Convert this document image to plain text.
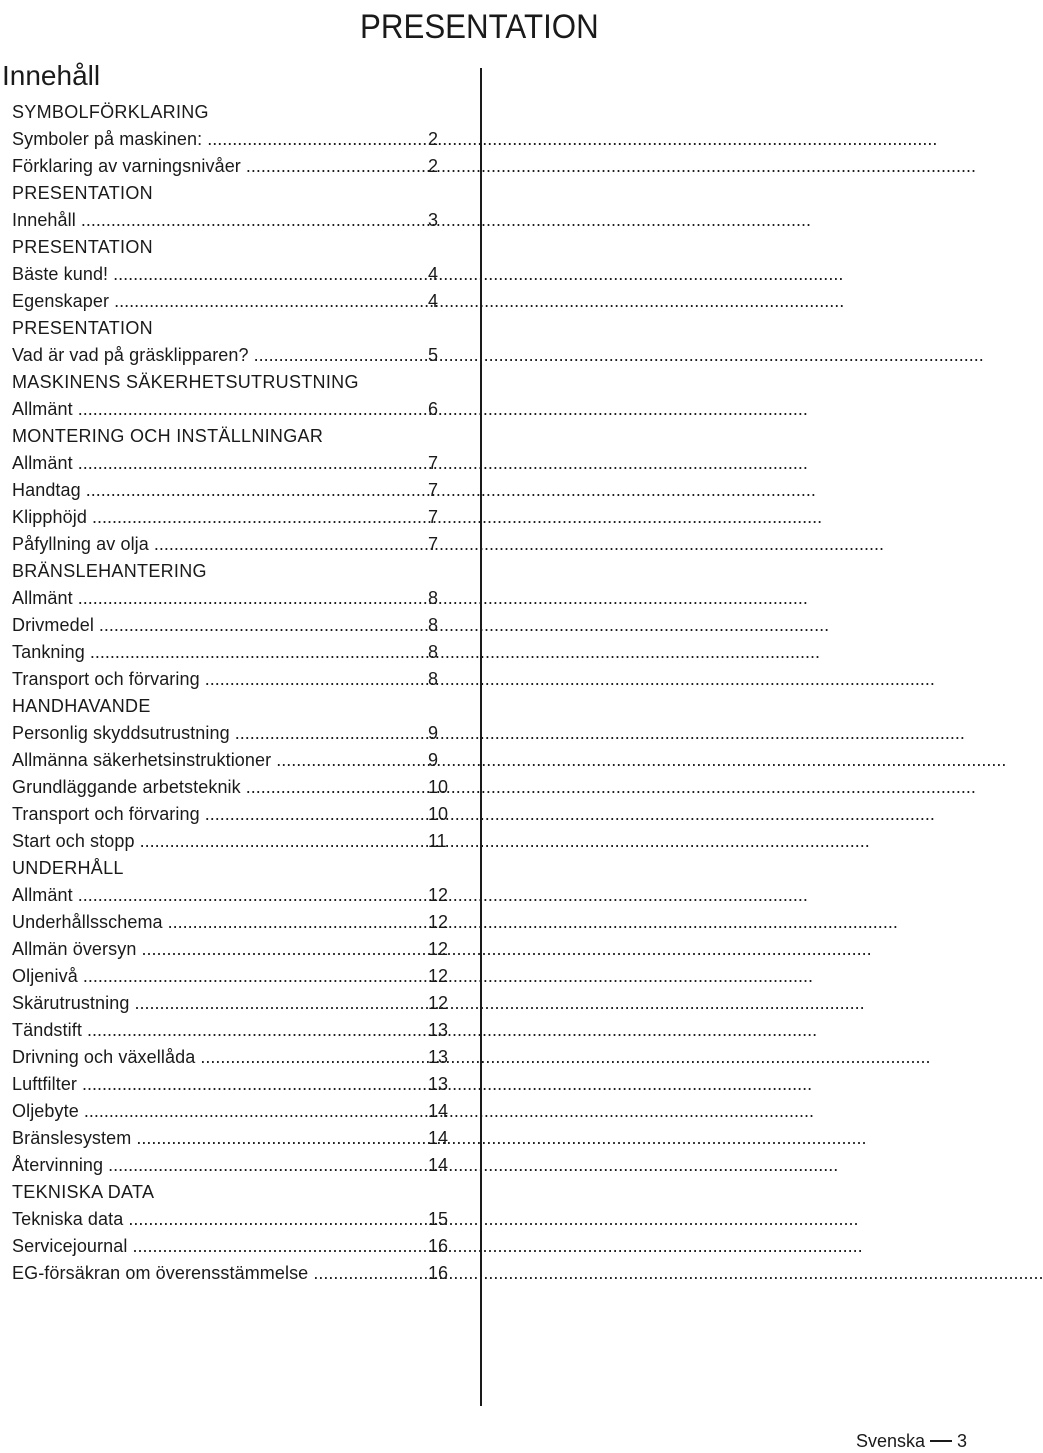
PRESENTATION
Innehåll
SYMBOLFÖRKLARING
Symboler på maskinen: .....	2
Förklaring av varningsnivåer .....	2
PRESENTATION
Innehåll .....	3
PRESENTATION
Bäste kund! .....	4
Egenskaper .....	4
PRESENTATION
Vad är vad på gräsklipparen? .....	5
MASKINENS SÄKERHETSUTRUSTNING
Allmänt .....	6
MONTERING OCH INSTÄLLNINGAR
Allmänt .....	7
Handtag .....	7
Klipphöjd .....	7
Påfyllning av olja .....	7
BRÄNSLEHANTERING
Allmänt .....	8
Drivmedel .....	8
Tankning .....	8
Transport och förvaring .....	8
HANDHAVANDE
Personlig skyddsutrustning .....	9
Allmänna säkerhetsinstruktioner .....	9
Grundläggande arbetsteknik .....	10
Transport och förvaring .....	10
Start och stopp .....	11
UNDERHÅLL
Allmänt .....	12
Underhållsschema .....	12
Allmän översyn .....	12
Oljenivå .....	12
Skärutrustning .....	12
Tändstift .....	13
Drivning och växellåda .....	13
Luftfilter .....	13
Oljebyte .....	14
Bränslesystem .....	14
Återvinning .....	14
TEKNISKA DATA
Tekniska data .....	15
Servicejournal .....	16
EG-försäkran om överensstämmelse .....	16
Svenska 3
